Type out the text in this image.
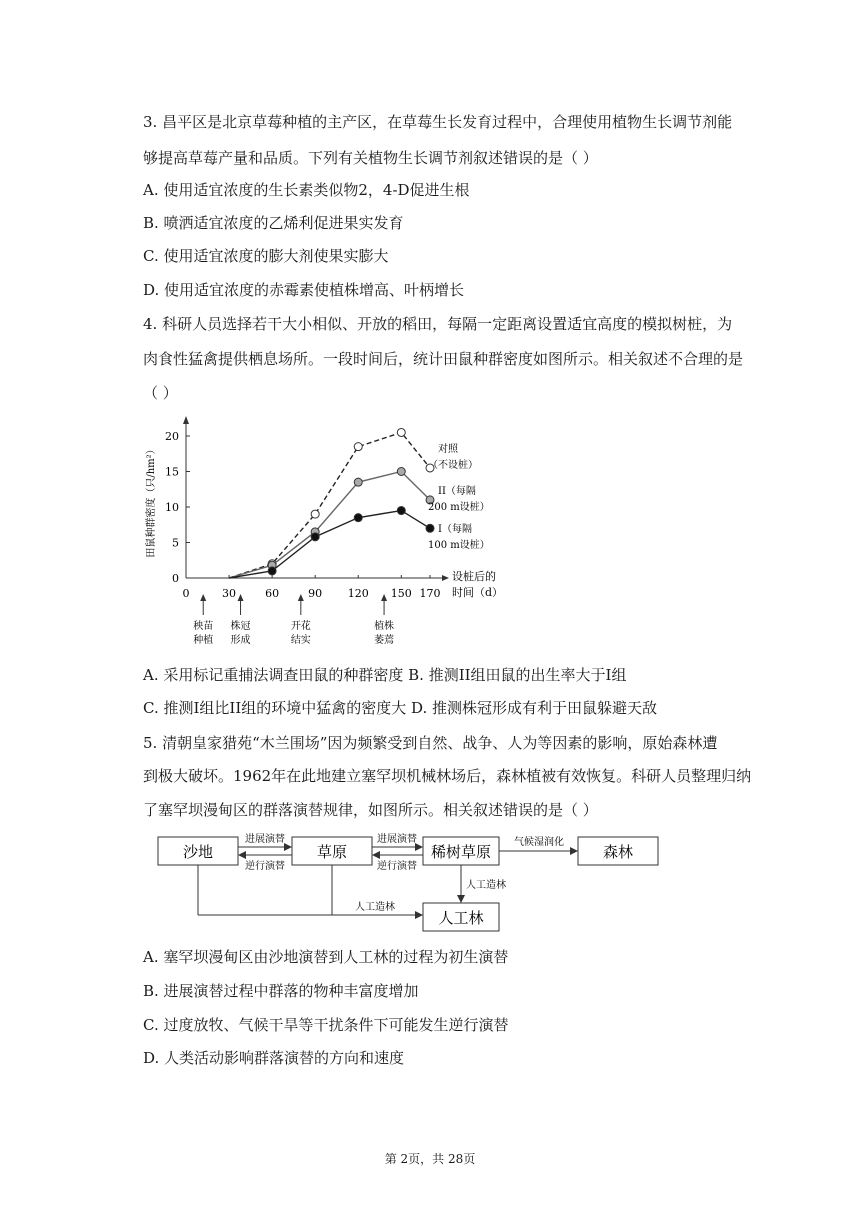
3. 昌平区是北京草莓种植的主产区，在草莓生长发育过程中，合理使用植物生长调节剂能
够提高草莓产量和品质。下列有关植物生长调节剂叙述错误的是（ ）
A. 使用适宜浓度的生长素类似物2，4-D促进生根
B. 喷洒适宜浓度的乙烯利促进果实发育
C. 使用适宜浓度的膨大剂使果实膨大
D. 使用适宜浓度的赤霉素使植株增高、叶柄增长
4. 科研人员选择若干大小相似、开放的稻田，每隔一定距离设置适宜高度的模拟树桩，为
肉食性猛禽提供栖息场所。一段时间后，统计田鼠种群密度如图所示。相关叙述不合理的是
（ ）
0
5
10
15
20
0	30	60	90 120 150 170
田鼠种群密度（只/hm²）
设桩后的
时间（d）
对照
（不设桩）
II（每隔
200 m设桩）
I（每隔
100 m设桩）
秧苗
种植
株冠
形成
开花
结实
植株
萎蔫
A. 采用标记重捕法调查田鼠的种群密度 B. 推测II组田鼠的出生率大于I组
C. 推测I组比II组的环境中猛禽的密度大 D. 推测株冠形成有利于田鼠躲避天敌
5. 清朝皇家猎苑“木兰围场”因为频繁受到自然、战争、人为等因素的影响，原始森林遭
到极大破坏。1962年在此地建立塞罕坝机械林场后，森林植被有效恢复。科研人员整理归纳
了塞罕坝漫甸区的群落演替规律，如图所示。相关叙述错误的是（ ）
沙地	草原	稀树草原	森林
人工林
进展演替
逆行演替
进展演替
逆行演替
气候湿润化
人工造林
人工造林
A. 塞罕坝漫甸区由沙地演替到人工林的过程为初生演替
B. 进展演替过程中群落的物种丰富度增加
C. 过度放牧、气候干旱等干扰条件下可能发生逆行演替
D. 人类活动影响群落演替的方向和速度
第 2页，共 28页
